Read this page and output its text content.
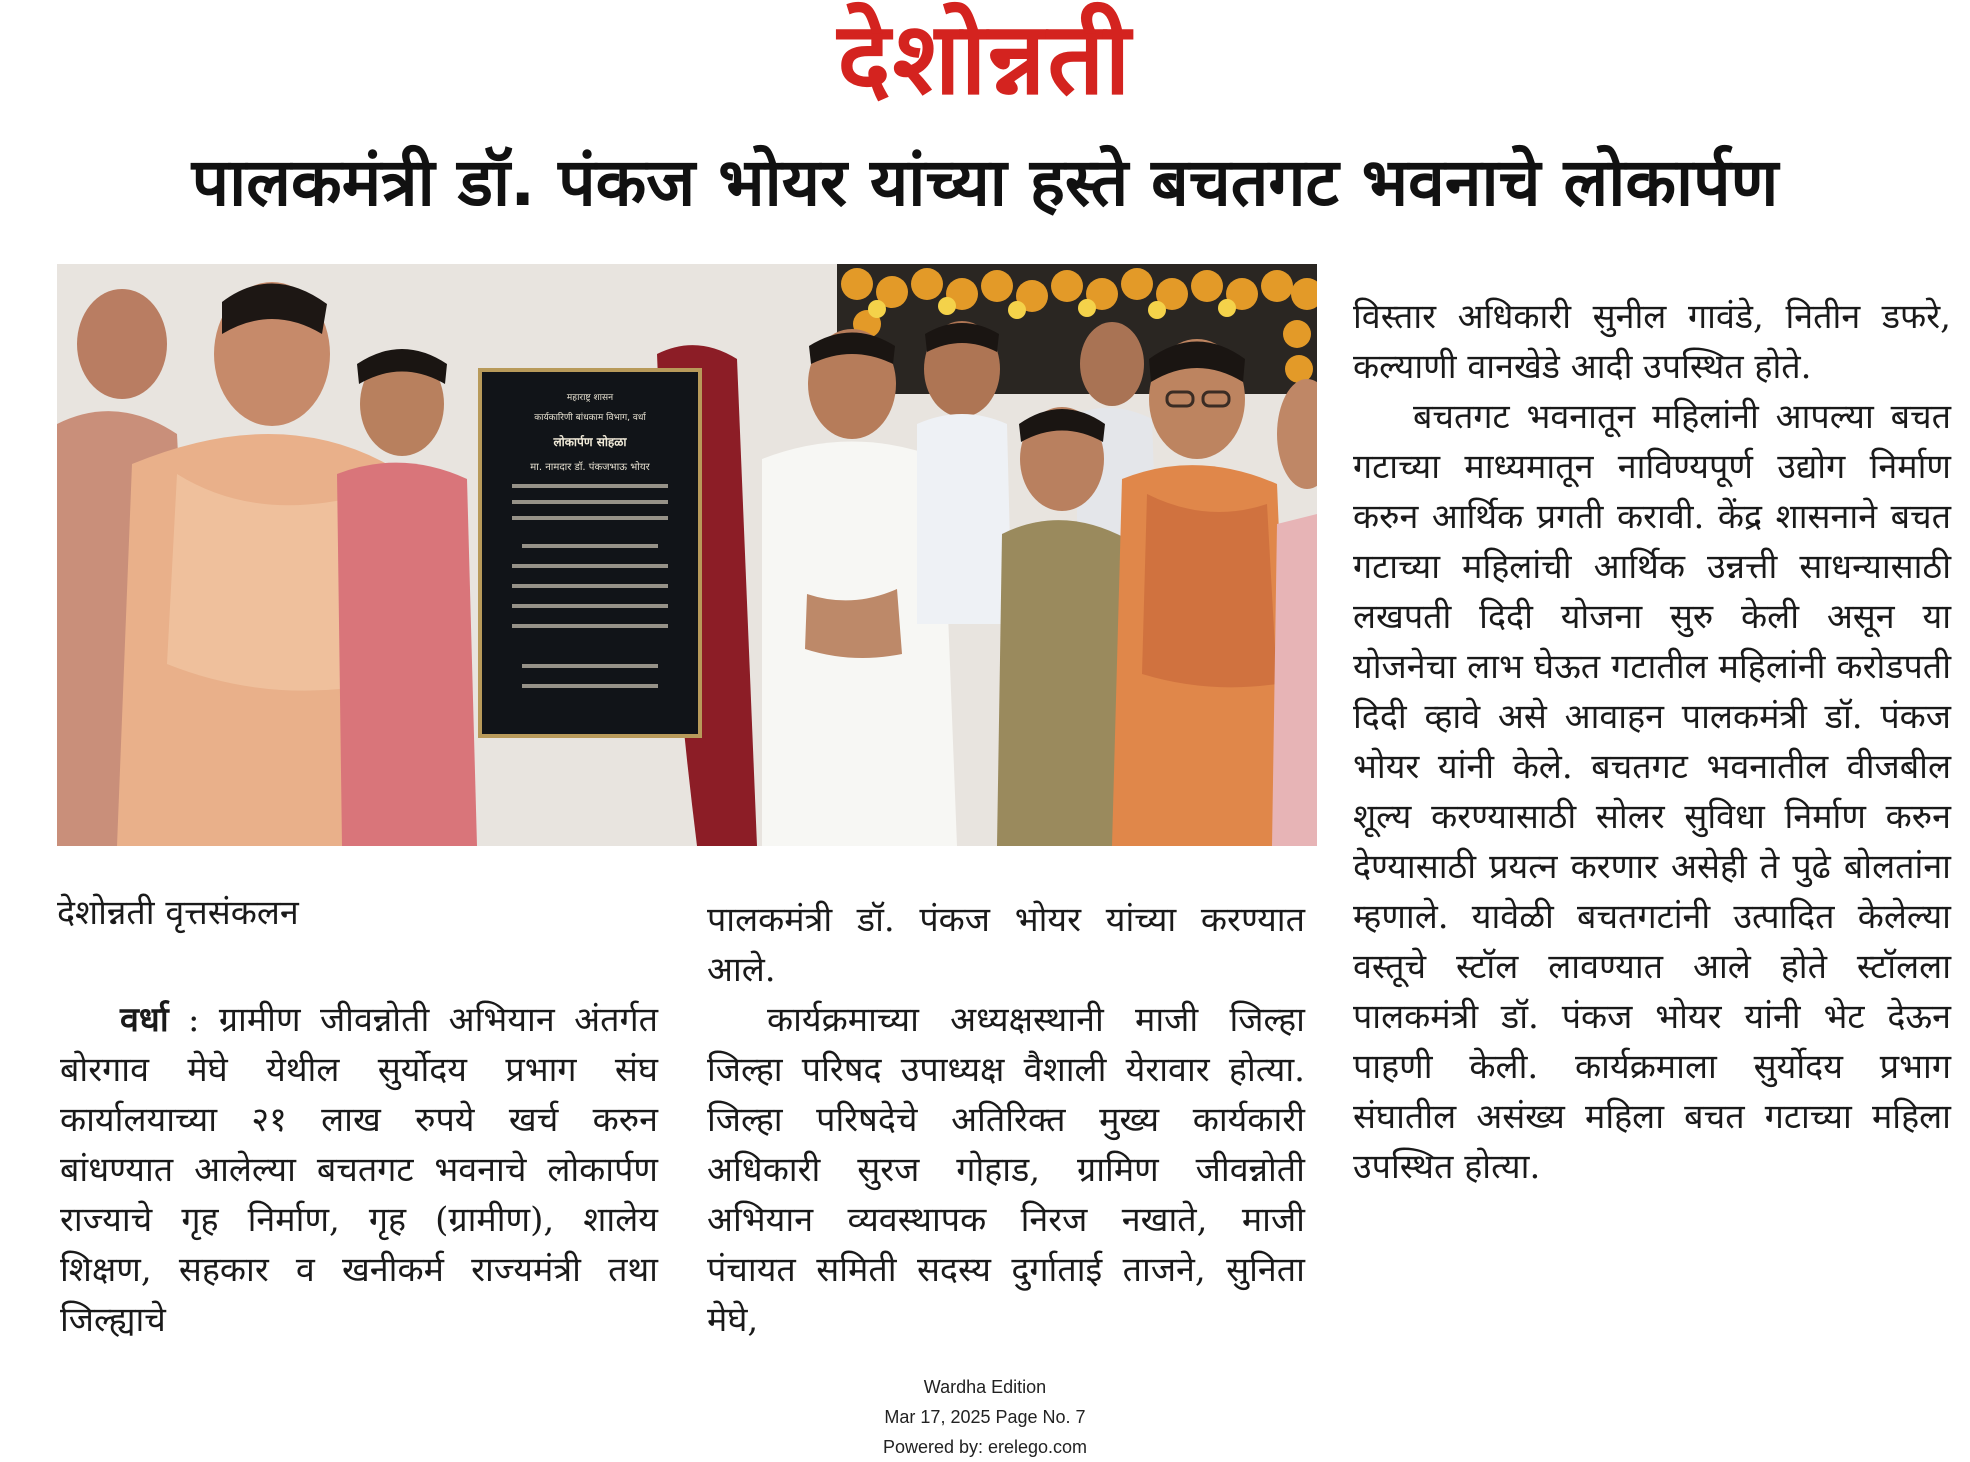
देशोन्नती
पालकमंत्री डॉ. पंकज भोयर यांच्या हस्ते बचतगट भवनाचे लोकार्पण
महाराष्ट्र शासन
कार्यकारिणी बांधकाम विभाग, वर्धा
लोकार्पण सोहळा
मा. नामदार डॉ. पंकजभाऊ भोयर
देशोन्नती वृत्तसंकलन

वर्धा : ग्रामीण जीवन्नोती अभियान अंतर्गत बोरगाव मेघे येथील सुर्योदय प्रभाग संघ कार्यालयाच्या २१ लाख रुपये खर्च करुन बांधण्यात आलेल्या बचतगट भवनाचे लोकार्पण राज्याचे गृह निर्माण, गृह (ग्रामीण), शालेय शिक्षण, सहकार व खनीकर्म राज्यमंत्री तथा जिल्ह्याचे

पालकमंत्री डॉ. पंकज भोयर यांच्या करण्यात आले.

कार्यक्रमाच्या अध्यक्षस्थानी माजी जिल्हा जिल्हा परिषद उपाध्यक्ष वैशाली येरावार होत्या. जिल्हा परिषदेचे अतिरिक्त मुख्य कार्यकारी अधिकारी सुरज गोहाड, ग्रामिण जीवन्नोती अभियान व्यवस्थापक निरज नखाते, माजी पंचायत समिती सदस्य दुर्गाताई ताजने, सुनिता मेघे,

विस्तार अधिकारी सुनील गावंडे, नितीन डफरे, कल्याणी वानखेडे आदी उपस्थित होते.

बचतगट भवनातून महिलांनी आपल्या बचत गटाच्या माध्यमातून नाविण्यपूर्ण उद्योग निर्माण करुन आर्थिक प्रगती करावी. केंद्र शासनाने बचत गटाच्या महिलांची आर्थिक उन्नत्ती साधन्यासाठी लखपती दिदी योजना सुरु केली असून या योजनेचा लाभ घेऊत गटातील महिलांनी करोडपती दिदी व्हावे असे आवाहन पालकमंत्री डॉ. पंकज भोयर यांनी केले. बचतगट भवनातील वीजबील शूल्य करण्यासाठी सोलर सुविधा निर्माण करुन देण्यासाठी प्रयत्न करणार असेही ते पुढे बोलतांना म्हणाले. यावेळी बचतगटांनी उत्पादित केलेल्या वस्तूचे स्टॉल लावण्यात आले होते स्टॉलला पालकमंत्री डॉ. पंकज भोयर यांनी भेट देऊन पाहणी केली. कार्यक्रमाला सुर्योदय प्रभाग संघातील असंख्य महिला बचत गटाच्या महिला उपस्थित होत्या.

Wardha Edition
Mar 17, 2025 Page No. 7
Powered by: erelego.com
